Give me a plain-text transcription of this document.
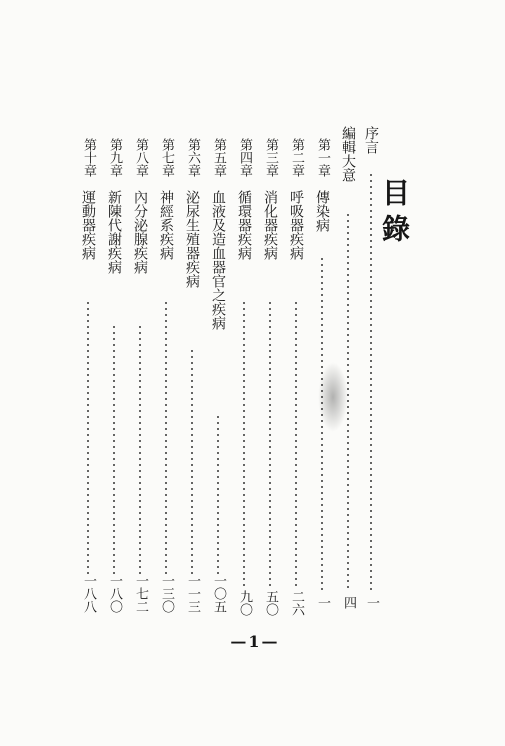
目錄
序言
一
編輯大意
四
第一章
傳染病
一
第二章
呼吸器疾病
二六
第三章
消化器疾病
五〇
第四章
循環器疾病
九〇
第五章
血液及造血器官之疾病
一〇五
第六章
泌尿生殖器疾病
一一三
第七章
神經系疾病
一三〇
第八章
內分泌腺疾病
一七二
第九章
新陳代謝疾病
一八〇
第十章
運動器疾病
一八八
—1—
